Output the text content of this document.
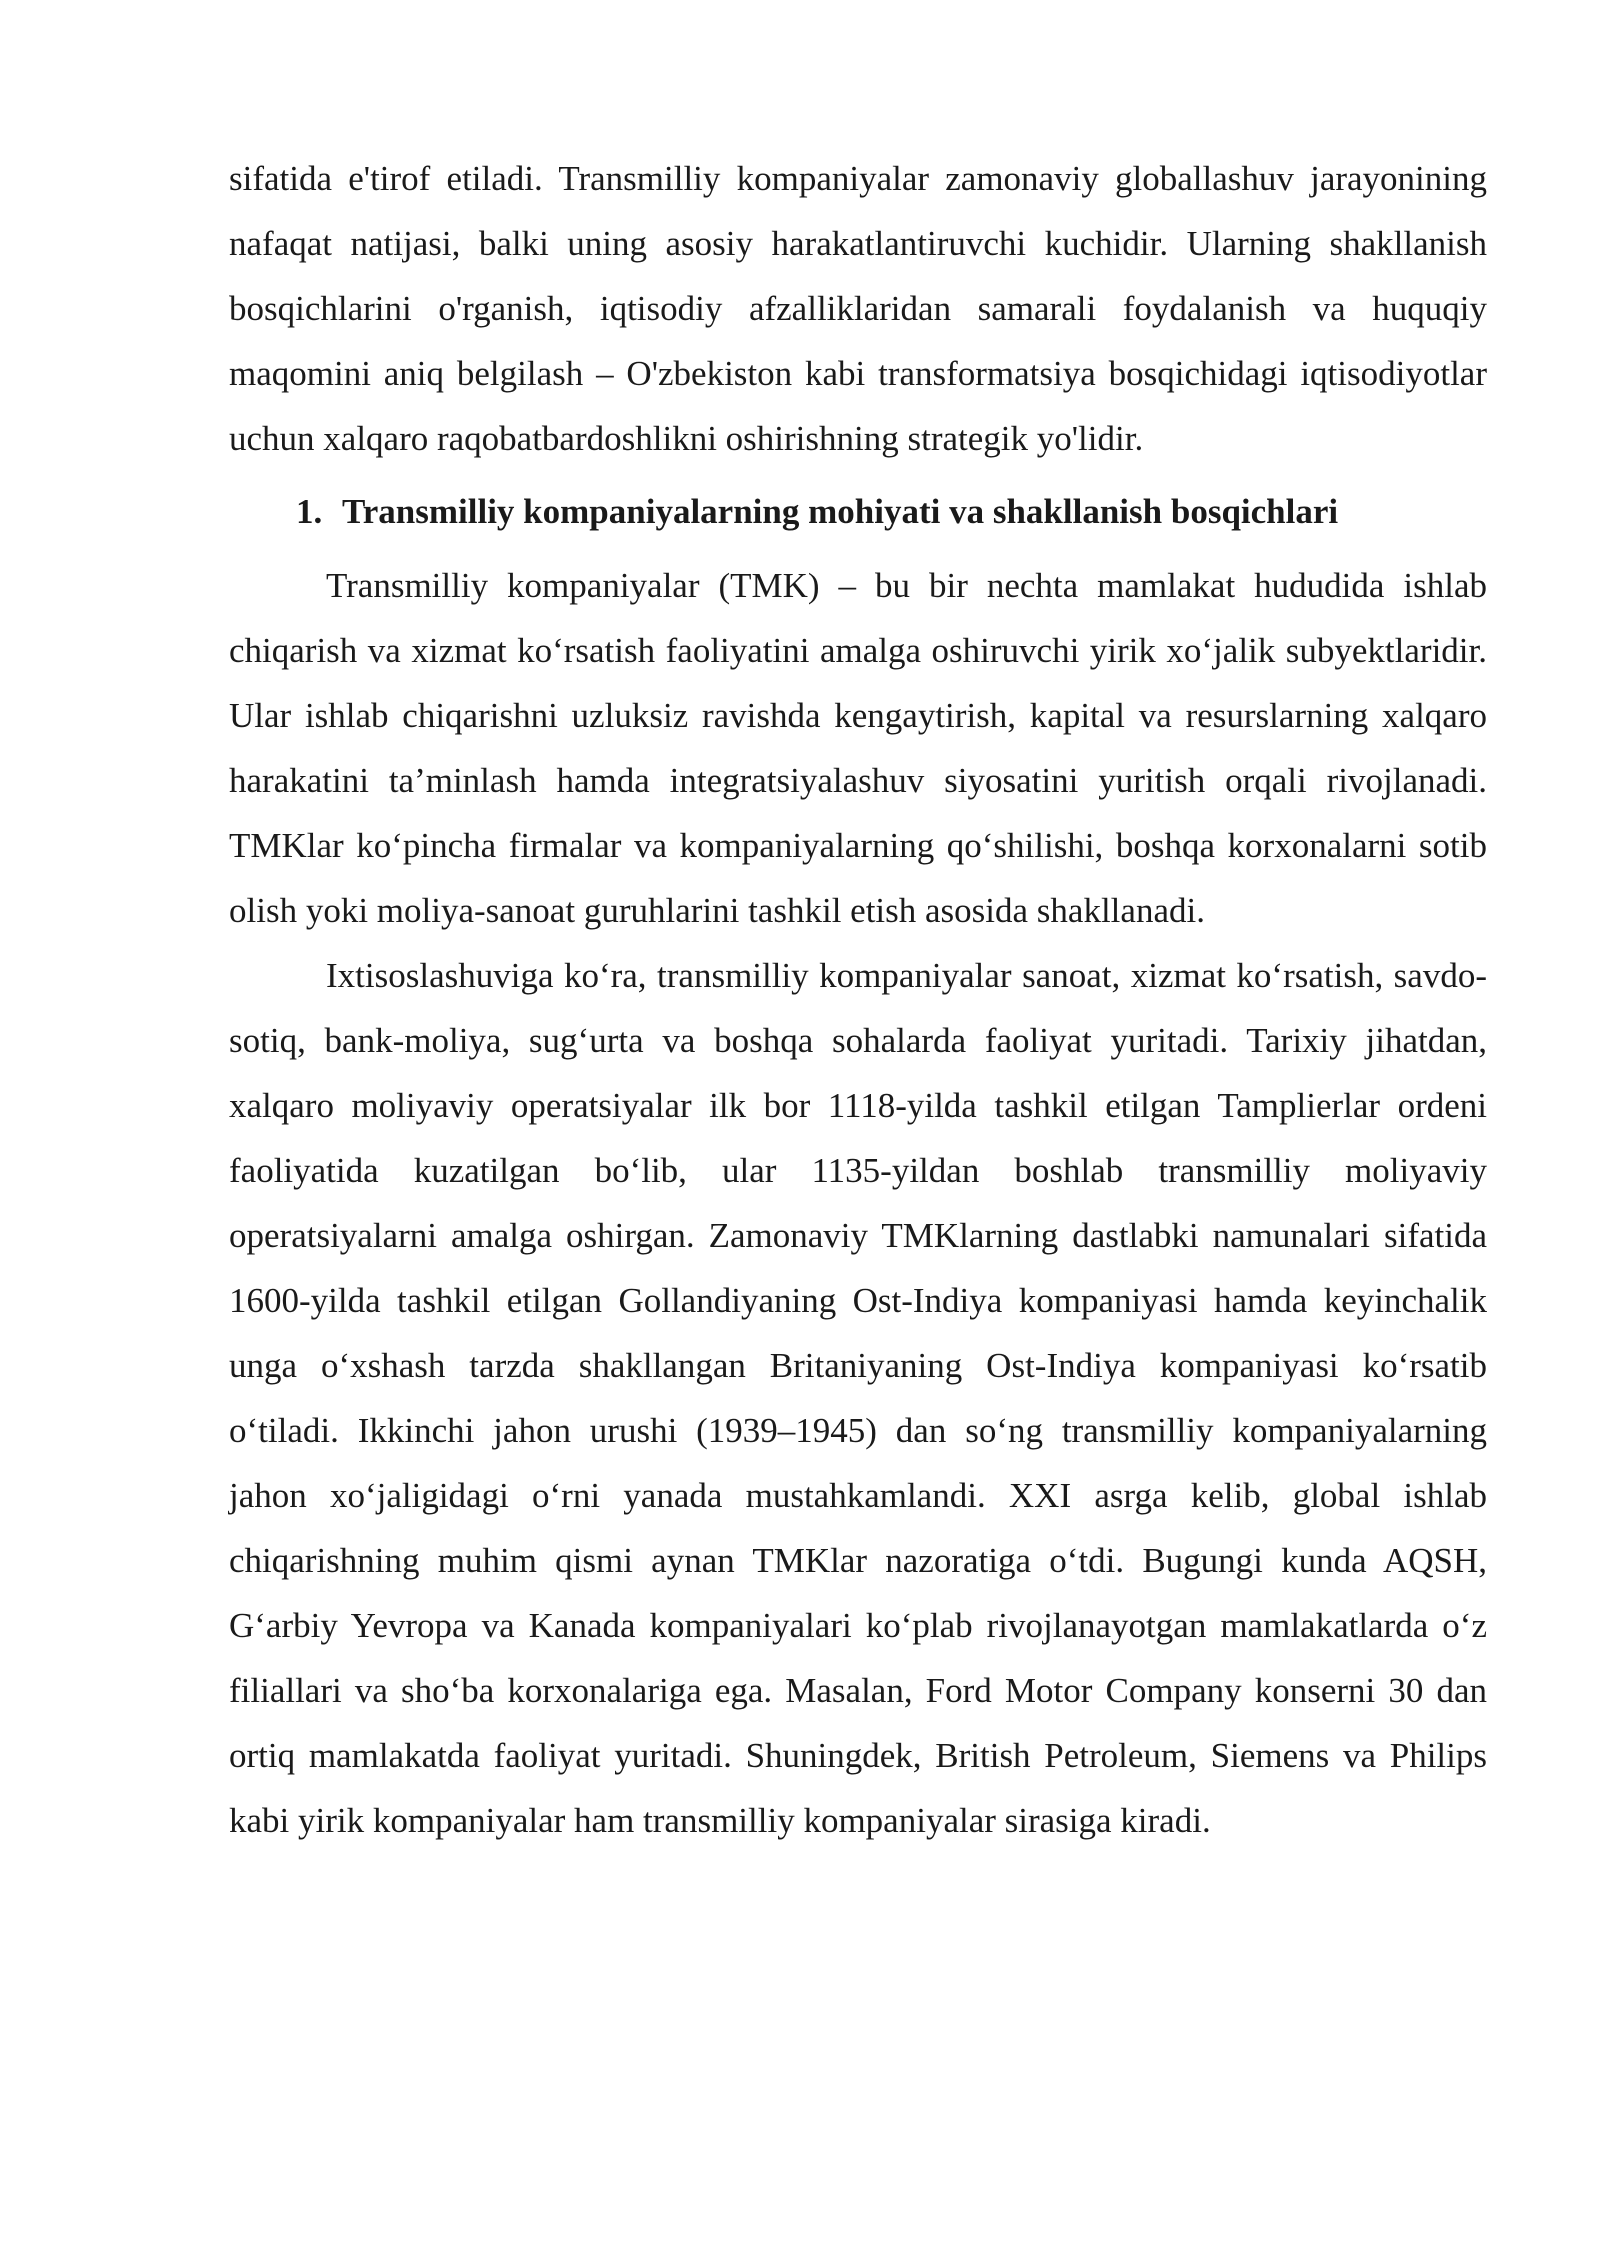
sifatida e'tirof etiladi. Transmilliy kompaniyalar zamonaviy globallashuv jarayonining nafaqat natijasi, balki uning asosiy harakatlantiruvchi kuchidir. Ularning shakllanish bosqichlarini o'rganish, iqtisodiy afzalliklaridan samarali foydalanish va huquqiy maqomini aniq belgilash – O'zbekiston kabi transformatsiya bosqichidagi iqtisodiyotlar uchun xalqaro raqobatbardoshlikni oshirishning strategik yo'lidir.

1. Transmilliy kompaniyalarning mohiyati va shakllanish bosqichlari

Transmilliy kompaniyalar (TMK) – bu bir nechta mamlakat hududida ishlab chiqarish va xizmat ko‘rsatish faoliyatini amalga oshiruvchi yirik xo‘jalik subyektlaridir. Ular ishlab chiqarishni uzluksiz ravishda kengaytirish, kapital va resurslarning xalqaro harakatini ta’minlash hamda integratsiyalashuv siyosatini yuritish orqali rivojlanadi. TMKlar ko‘pincha firmalar va kompaniyalarning qo‘shilishi, boshqa korxonalarni sotib olish yoki moliya-sanoat guruhlarini tashkil etish asosida shakllanadi.

Ixtisoslashuviga ko‘ra, transmilliy kompaniyalar sanoat, xizmat ko‘rsatish, savdo-sotiq, bank-moliya, sug‘urta va boshqa sohalarda faoliyat yuritadi. Tarixiy jihatdan, xalqaro moliyaviy operatsiyalar ilk bor 1118-yilda tashkil etilgan Tamplierlar ordeni faoliyatida kuzatilgan bo‘lib, ular 1135-yildan boshlab transmilliy moliyaviy operatsiyalarni amalga oshirgan. Zamonaviy TMKlarning dastlabki namunalari sifatida 1600-yilda tashkil etilgan Gollandiyaning Ost-Indiya kompaniyasi hamda keyinchalik unga o‘xshash tarzda shakllangan Britaniyaning Ost-Indiya kompaniyasi ko‘rsatib o‘tiladi. Ikkinchi jahon urushi (1939–1945) dan so‘ng transmilliy kompaniyalarning jahon xo‘jaligidagi o‘rni yanada mustahkamlandi. XXI asrga kelib, global ishlab chiqarishning muhim qismi aynan TMKlar nazoratiga o‘tdi. Bugungi kunda AQSH, G‘arbiy Yevropa va Kanada kompaniyalari ko‘plab rivojlanayotgan mamlakatlarda o‘z filiallari va sho‘ba korxonalariga ega. Masalan, Ford Motor Company konserni 30 dan ortiq mamlakatda faoliyat yuritadi. Shuningdek, British Petroleum, Siemens va Philips kabi yirik kompaniyalar ham transmilliy kompaniyalar sirasiga kiradi.
